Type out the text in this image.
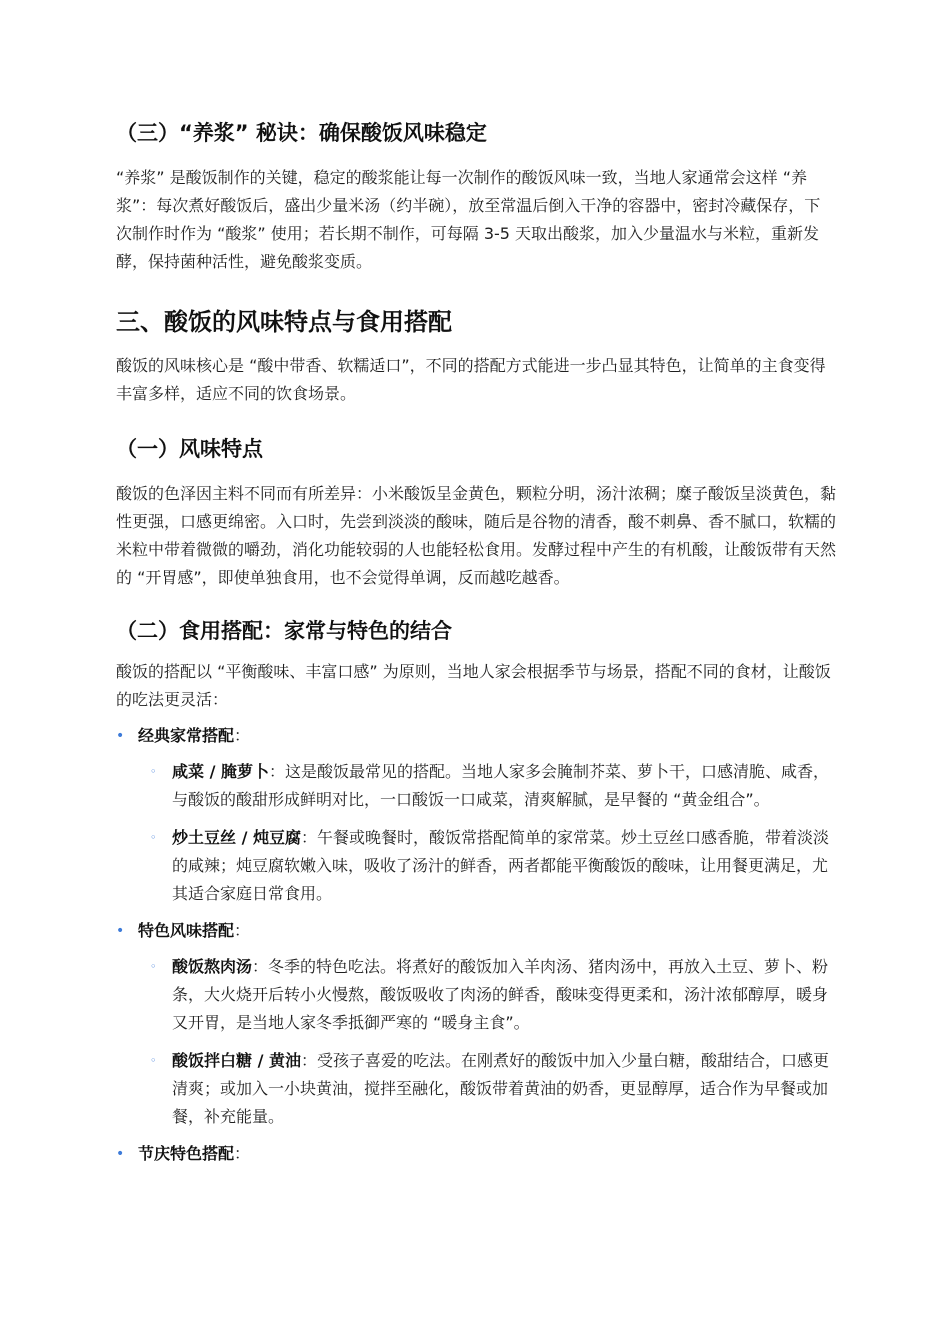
（三）“养浆” 秘诀：确保酸饭风味稳定

“养浆” 是酸饭制作的关键，稳定的酸浆能让每一次制作的酸饭风味一致，当地人家通常会这样 “养浆”：每次煮好酸饭后，盛出少量米汤（约半碗），放至常温后倒入干净的容器中，密封冷藏保存，下次制作时作为 “酸浆” 使用；若长期不制作，可每隔 3-5 天取出酸浆，加入少量温水与米粒，重新发酵，保持菌种活性，避免酸浆变质。

三、酸饭的风味特点与食用搭配

酸饭的风味核心是 “酸中带香、软糯适口”，不同的搭配方式能进一步凸显其特色，让简单的主食变得丰富多样，适应不同的饮食场景。

（一）风味特点

酸饭的色泽因主料不同而有所差异：小米酸饭呈金黄色，颗粒分明，汤汁浓稠；糜子酸饭呈淡黄色，黏性更强，口感更绵密。入口时，先尝到淡淡的酸味，随后是谷物的清香，酸不刺鼻、香不腻口，软糯的米粒中带着微微的嚼劲，消化功能较弱的人也能轻松食用。发酵过程中产生的有机酸，让酸饭带有天然的 “开胃感”，即使单独食用，也不会觉得单调，反而越吃越香。

（二）食用搭配：家常与特色的结合

酸饭的搭配以 “平衡酸味、丰富口感” 为原则，当地人家会根据季节与场景，搭配不同的食材，让酸饭的吃法更灵活：

• 经典家常搭配：
◦ 咸菜 / 腌萝卜：这是酸饭最常见的搭配。当地人家多会腌制芥菜、萝卜干，口感清脆、咸香，与酸饭的酸甜形成鲜明对比，一口酸饭一口咸菜，清爽解腻，是早餐的 “黄金组合”。
◦ 炒土豆丝 / 炖豆腐：午餐或晚餐时，酸饭常搭配简单的家常菜。炒土豆丝口感香脆，带着淡淡的咸辣；炖豆腐软嫩入味，吸收了汤汁的鲜香，两者都能平衡酸饭的酸味，让用餐更满足，尤其适合家庭日常食用。
• 特色风味搭配：
◦ 酸饭熬肉汤：冬季的特色吃法。将煮好的酸饭加入羊肉汤、猪肉汤中，再放入土豆、萝卜、粉条，大火烧开后转小火慢熬，酸饭吸收了肉汤的鲜香，酸味变得更柔和，汤汁浓郁醇厚，暖身又开胃，是当地人家冬季抵御严寒的 “暖身主食”。
◦ 酸饭拌白糖 / 黄油：受孩子喜爱的吃法。在刚煮好的酸饭中加入少量白糖，酸甜结合，口感更清爽；或加入一小块黄油，搅拌至融化，酸饭带着黄油的奶香，更显醇厚，适合作为早餐或加餐，补充能量。
• 节庆特色搭配：
